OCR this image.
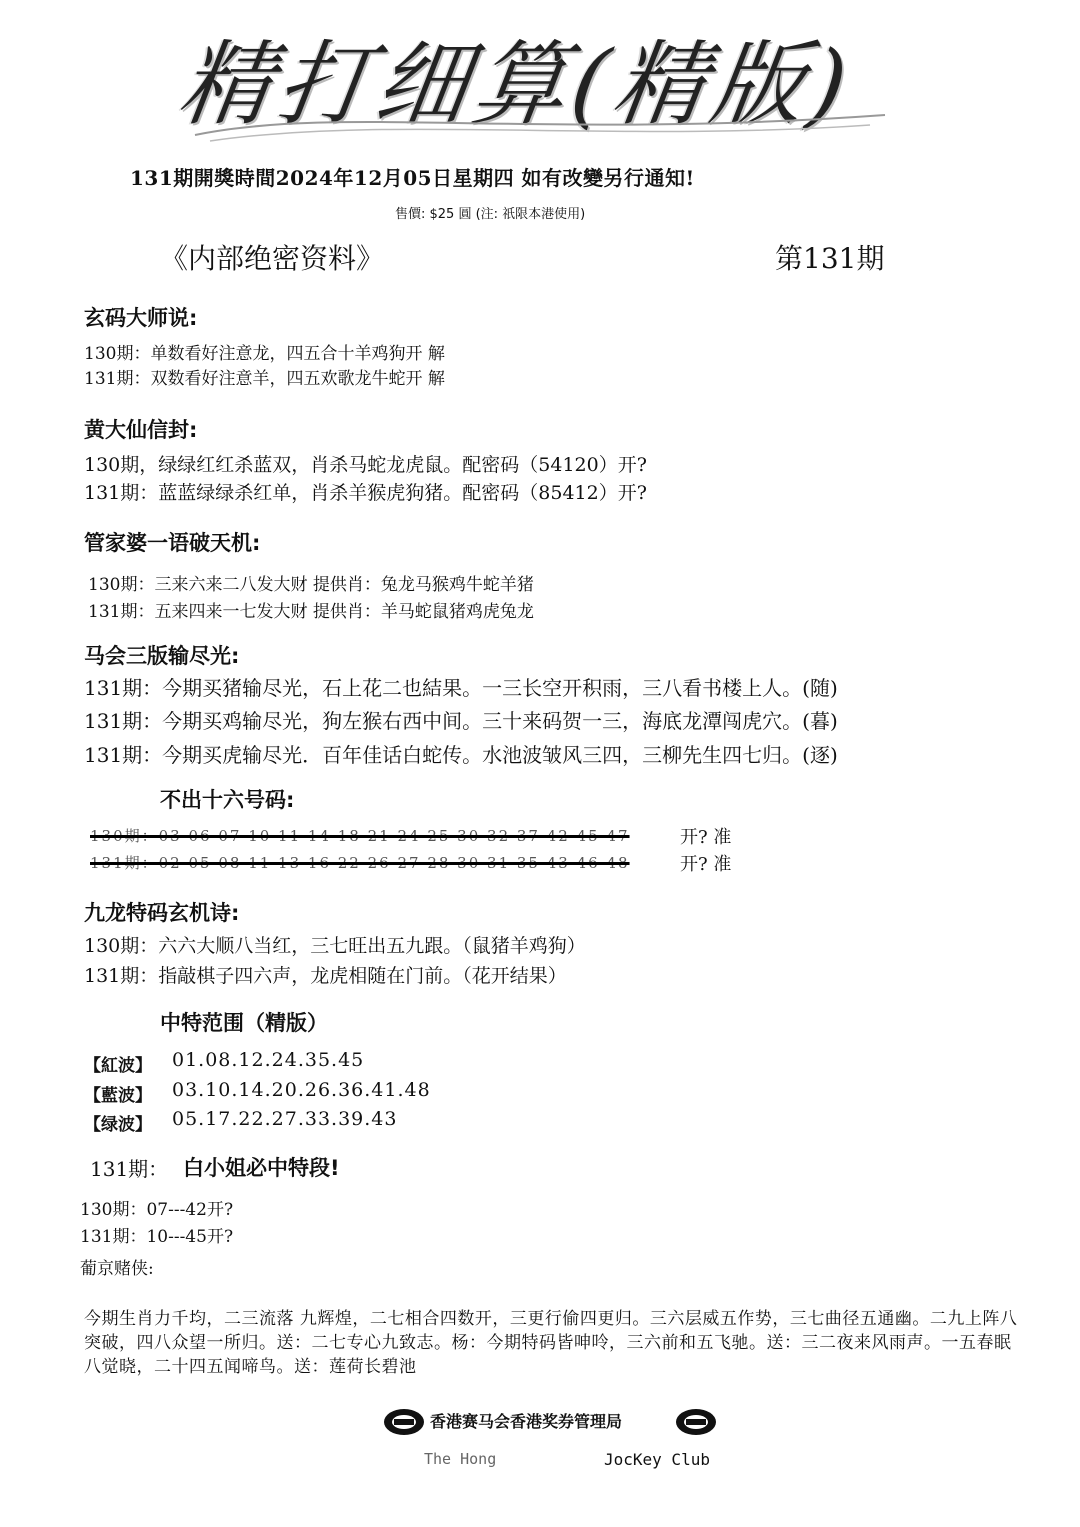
精打细算(精版)
131期開獎時間2024年12月05日星期四 如有改變另行通知!
售價: $25 圓 (注: 祇限本港使用)
《内部绝密资料》	第131期
玄码大师说:
130期：单数看好注意龙，四五合十羊鸡狗开 解
131期：双数看好注意羊，四五欢歌龙牛蛇开 解
黄大仙信封:
130期，绿绿红红杀蓝双，肖杀马蛇龙虎鼠。配密码（54120）开?
131期：蓝蓝绿绿杀红单，肖杀羊猴虎狗猪。配密码（85412）开?
管家婆一语破天机:
130期：三来六来二八发大财 提供肖：兔龙马猴鸡牛蛇羊猪
131期：五来四来一七发大财 提供肖：羊马蛇鼠猪鸡虎兔龙
马会三版输尽光:
131期：今期买猪输尽光，石上花二也結果。一三长空开积雨，三八看书楼上人。(随)
131期：今期买鸡输尽光，狗左猴右西中间。三十来码贺一三，海底龙潭闯虎穴。(暮)
131期：今期买虎输尽光．百年佳话白蛇传。水池波皱风三四，三柳先生四七归。(逐)
不出十六号码:
130期：03 06 07 10 11 14 18 21 24 25 30 32 37 42 45 47	开? 准
131期：02 05 08 11 13 16 22 26 27 28 30 31 35 43 46 48	开? 准
九龙特码玄机诗:
130期：六六大顺八当红，三七旺出五九跟。（鼠猪羊鸡狗）
131期：指敲棋子四六声，龙虎相随在门前。（花开结果）
中特范围（精版）
【紅波】 01.08.12.24.35.45
【藍波】 03.10.14.20.26.36.41.48
【绿波】 05.17.22.27.33.39.43
131期： 白小姐必中特段!
130期：07---42开?
131期：10---45开?
葡京赌侠:
今期生肖力千均，二三流落 九辉煌，二七相合四数开，三更行偷四更归。三六层威五作势，三七曲径五通幽。二九上阵八突破，四八众望一所归。送：二七专心九致志。杨：今期特码皆呻呤，三六前和五飞驰。送：三二夜来风雨声。一五春眠八觉晓，二十四五闻啼鸟。送：莲荷长碧池
香港赛马会香港奖券管理局
The Hong	JocKey Club
